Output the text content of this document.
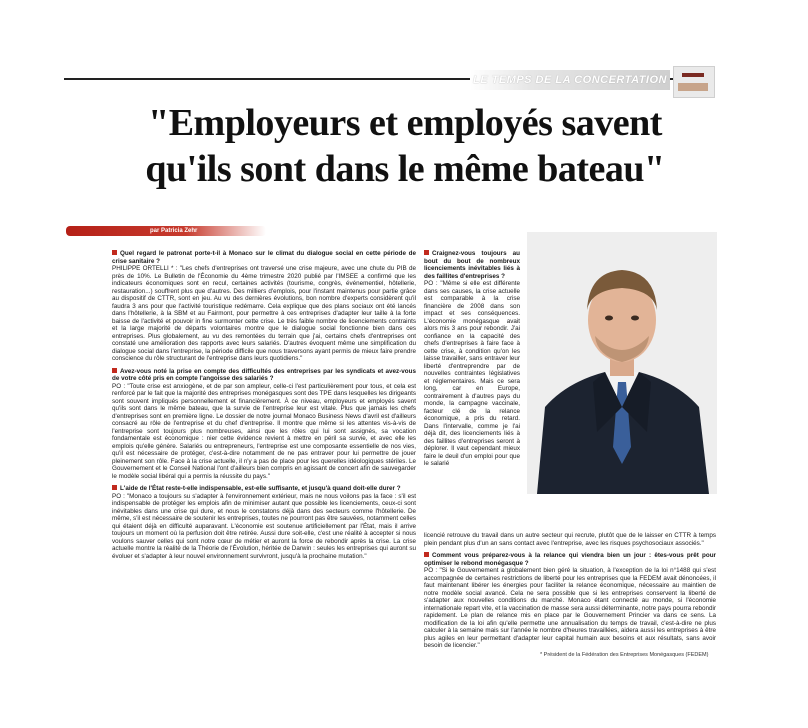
LE TEMPS DE LA CONCERTATION
"Employeurs et employés savent
qu'ils sont dans le même bateau"
par Patricia Zehr
Quel regard le patronat porte-t-il à Monaco sur le climat du dialogue social en cette période de crise sanitaire ?
PHILIPPE ORTELLI * : "Les chefs d'entreprises ont traversé une crise majeure, avec une chute du PIB de près de 10%. Le Bulletin de l'Économie du 4ème trimestre 2020 publié par l'IMSEE a confirmé que les indicateurs économiques sont en recul, certaines activités (tourisme, congrès, événementiel, hôtellerie, restauration...) souffrent plus que d'autres. Des milliers d'emplois, pour l'instant maintenus pour partie grâce au dispositif de CTTR, sont en jeu. Au vu des dernières évolutions, bon nombre d'experts considèrent qu'il faudra 3 ans pour que l'activité touristique redémarre. Cela explique que des plans sociaux ont été lancés dans l'hôtellerie, à la SBM et au Fairmont, pour permettre à ces entreprises d'adapter leur taille à la forte baisse de l'activité et pouvoir in fine surmonter cette crise. Le très faible nombre de licenciements contraints et la large majorité de départs volontaires montre que le dialogue social fonctionne bien dans ces entreprises. Plus globalement, au vu des remontées du terrain que j'ai, certains chefs d'entreprises ont constaté une amélioration des rapports avec leurs salariés. D'autres évoquent même une simplification du dialogue social dans l'entreprise, la période difficile que nous traversons ayant permis de mieux faire prendre conscience du rôle structurant de l'entreprise dans leurs quotidiens."
Avez-vous noté la prise en compte des difficultés des entreprises par les syndicats et avez-vous de votre côté pris en compte l'angoisse des salariés ?
PO : "Toute crise est anxiogène, et de par son ampleur, celle-ci l'est particulièrement pour tous, et cela est renforcé par le fait que la majorité des entreprises monégasques sont des TPE dans lesquelles les dirigeants sont souvent impliqués personnellement et financièrement. À ce niveau, employeurs et employés savent qu'ils sont dans le même bateau, que la survie de l'entreprise leur est vitale. Plus que jamais les chefs d'entreprises sont en première ligne. Le dossier de notre journal Monaco Business News d'avril est d'ailleurs consacré au rôle de l'entreprise et du chef d'entreprise. Il montre que même si les attentes vis-à-vis de l'entreprise sont toujours plus nombreuses, ainsi que les rôles qui lui sont assignés, sa vocation fondamentale est économique : nier cette évidence revient à mettre en péril sa survie, et avec elle les emplois qu'elle génère. Salariés ou entrepreneurs, l'entreprise est une composante essentielle de nos vies, qu'il est nécessaire de protéger, c'est-à-dire notamment de ne pas entraver pour lui permettre de jouer pleinement son rôle. Face à la crise actuelle, il n'y a pas de place pour les querelles idéologiques stériles. Le Gouvernement et le Conseil National l'ont d'ailleurs bien compris en agissant de concert afin de sauvegarder le modèle social libéral qui a permis la réussite du pays."
L'aide de l'État reste-t-elle indispensable, est-elle suffisante, et jusqu'à quand doit-elle durer ?
PO : "Monaco a toujours su s'adapter à l'environnement extérieur, mais ne nous voilons pas la face : s'il est indispensable de protéger les emplois afin de minimiser autant que possible les licenciements, ceux-ci sont inévitables dans une crise qui dure, et nous le constatons déjà dans des secteurs comme l'hôtellerie. De même, s'il est nécessaire de soutenir les entreprises, toutes ne pourront pas être sauvées, notamment celles qui étaient déjà en difficulté auparavant. L'économie est soutenue artificiellement par l'État, mais il arrive toujours un moment où la perfusion doit être retirée. Aussi dure soit-elle, c'est une réalité à accepter si nous voulons sauver celles qui sont notre cœur de métier et auront la force de rebondir après la crise. La crise actuelle montre la réalité de la Théorie de l'Évolution, héritée de Darwin : seules les entreprises qui auront su évoluer et s'adapter à leur nouvel environnement survivront, jusqu'à la prochaine mutation."
Craignez-vous toujours au bout du bout de nombreux licenciements inévitables liés à des faillites d'entreprises ?
PO : "Même si elle est différente dans ses causes, la crise actuelle est comparable à la crise financière de 2008 dans son impact et ses conséquences. L'économie monégasque avait alors mis 3 ans pour rebondir. J'ai confiance en la capacité des chefs d'entreprises à faire face à cette crise, à condition qu'on les laisse travailler, sans entraver leur liberté d'entreprendre par de nouvelles contraintes législatives et réglementaires. Mais ce sera long, car en Europe, contrairement à d'autres pays du monde, la campagne vaccinale, facteur clé de la relance économique, a pris du retard. Dans l'intervalle, comme je l'ai déjà dit, des licenciements liés à des faillites d'entreprises seront à déplorer. Il vaut cependant mieux faire le deuil d'un emploi pour que le salarié
licencié retrouve du travail dans un autre secteur qui recrute, plutôt que de le laisser en CTTR à temps plein pendant plus d'un an sans contact avec l'entreprise, avec les risques psychosociaux associés."
Comment vous préparez-vous à la relance qui viendra bien un jour : êtes-vous prêt pour optimiser le rebond monégasque ?
PO : "Si le Gouvernement a globalement bien géré la situation, à l'exception de la loi n°1488 qui s'est accompagnée de certaines restrictions de liberté pour les entreprises que la FEDEM avait dénoncées, il faut maintenant libérer les énergies pour faciliter la relance économique, nécessaire au maintien de notre modèle social avancé. Cela ne sera possible que si les entreprises conservent la liberté de s'adapter aux nouvelles conditions du marché. Monaco étant connecté au monde, si l'économie internationale repart vite, et la vaccination de masse sera aussi déterminante, notre pays pourra rebondir rapidement. Le plan de relance mis en place par le Gouvernement Princier va dans ce sens. La modification de la loi afin qu'elle permette une annualisation du temps de travail, c'est-à-dire ne plus calculer à la semaine mais sur l'année le nombre d'heures travaillées, aidera aussi les entreprises à être plus agiles en leur permettant d'adapter leur capital humain aux besoins et aux résultats, sans avoir besoin de licencier."
* Président de la Fédération des Entreprises Monégasques (FEDEM)
